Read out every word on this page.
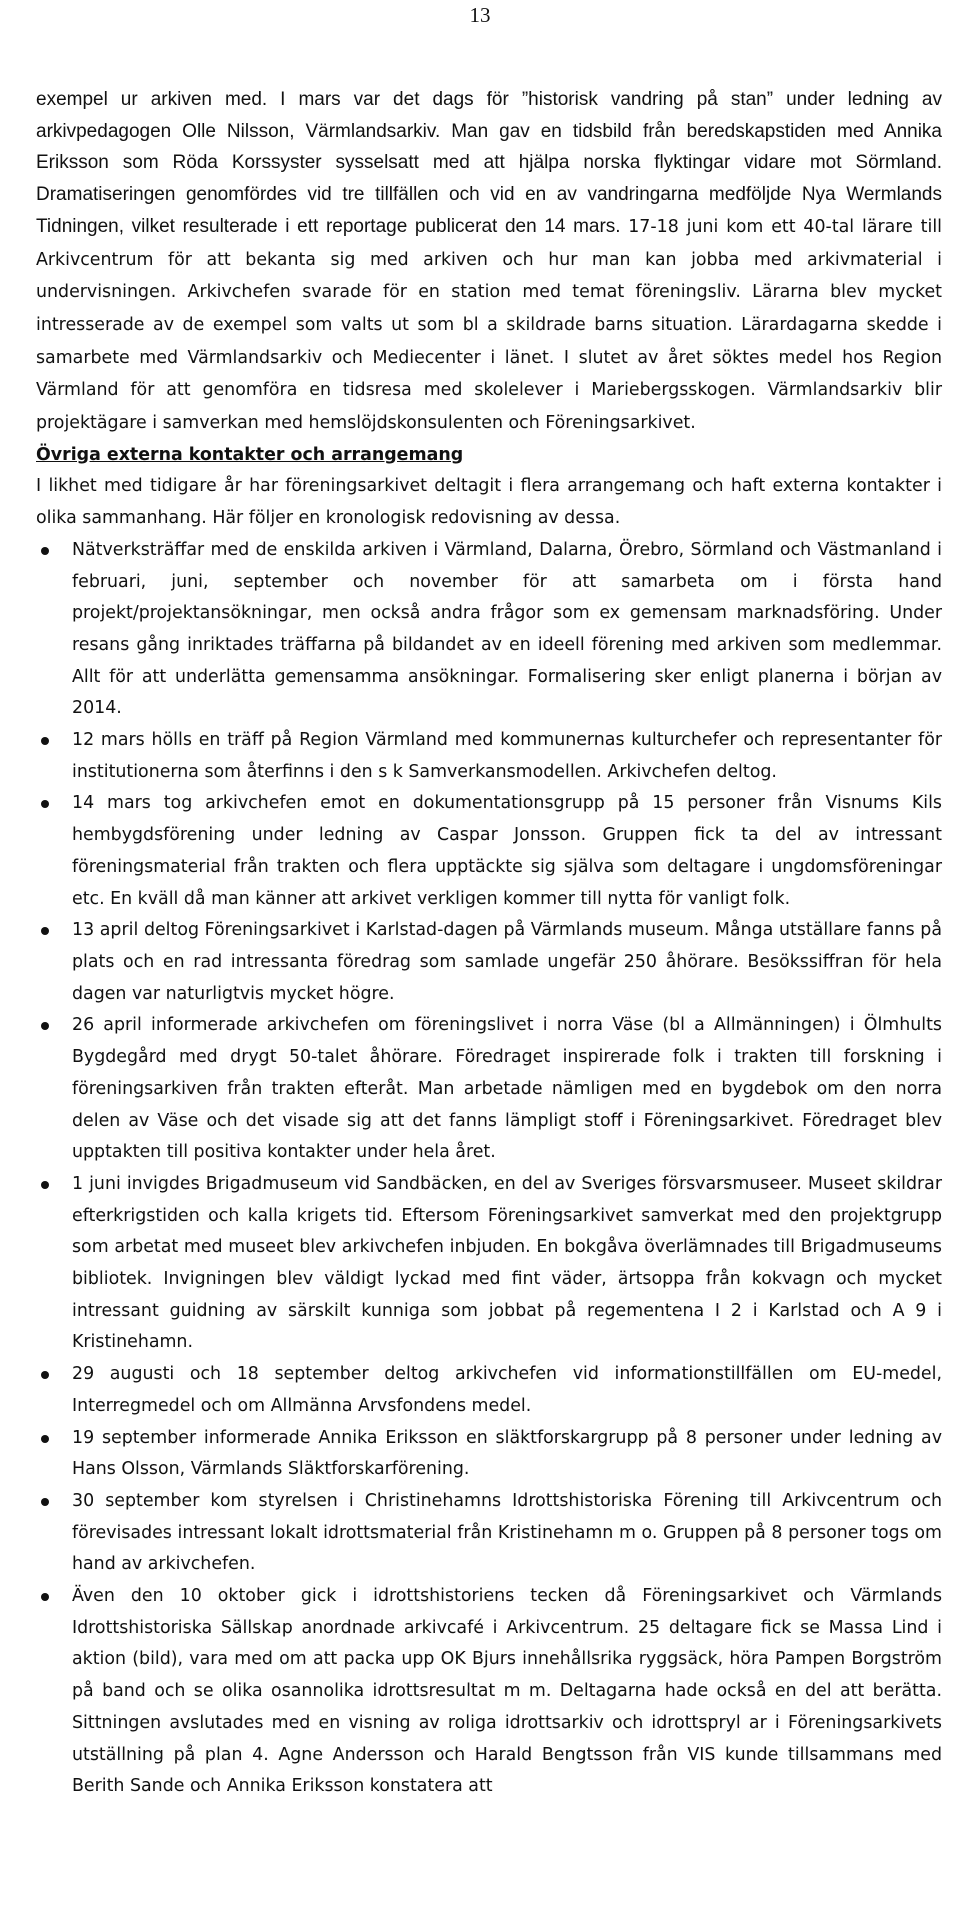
13

exempel ur arkiven med. I mars var det dags för ”historisk vandring på stan” under ledning av arkivpedagogen Olle Nilsson, Värmlandsarkiv. Man gav en tidsbild från beredskapstiden med Annika Eriksson som Röda Korssyster sysselsatt med att hjälpa norska flyktingar vidare mot Sörmland. Dramatiseringen genomfördes vid tre tillfällen och vid en av vandringarna medföljde Nya Wermlands Tidningen, vilket resulterade i ett reportage publicerat den 14 mars. 17-18 juni kom ett 40-tal lärare till Arkivcentrum för att bekanta sig med arkiven och hur man kan jobba med arkivmaterial i undervisningen. Arkivchefen svarade för en station med temat föreningsliv. Lärarna blev mycket intresserade av de exempel som valts ut som bl a skildrade barns situation. Lärardagarna skedde i samarbete med Värmlandsarkiv och Mediecenter i länet. I slutet av året söktes medel hos Region Värmland för att genomföra en tidsresa med skolelever i Mariebergsskogen. Värmlandsarkiv blir projektägare i samverkan med hemslöjdskonsulenten och Föreningsarkivet.

Övriga externa kontakter och arrangemang

I likhet med tidigare år har föreningsarkivet deltagit i flera arrangemang och haft externa kontakter i olika sammanhang. Här följer en kronologisk redovisning av dessa.

Nätverksträffar med de enskilda arkiven i Värmland, Dalarna, Örebro, Sörmland och Västmanland i februari, juni, september och november för att samarbeta om i första hand projekt/projektansökningar, men också andra frågor som ex gemensam marknadsföring. Under resans gång inriktades träffarna på bildandet av en ideell förening med arkiven som medlemmar. Allt för att underlätta gemensamma ansökningar. Formalisering sker enligt planerna i början av 2014.
12 mars hölls en träff på Region Värmland med kommunernas kulturchefer och representanter för institutionerna som återfinns i den s k Samverkansmodellen. Arkivchefen deltog.
14 mars tog arkivchefen emot en dokumentationsgrupp på 15 personer från Visnums Kils hembygdsförening under ledning av Caspar Jonsson. Gruppen fick ta del av intressant föreningsmaterial från trakten och flera upptäckte sig själva som deltagare i ungdomsföreningar etc. En kväll då man känner att arkivet verkligen kommer till nytta för vanligt folk.
13 april deltog Föreningsarkivet i Karlstad-dagen på Värmlands museum. Många utställare fanns på plats och en rad intressanta föredrag som samlade ungefär 250 åhörare. Besökssiffran för hela dagen var naturligtvis mycket högre.
26 april informerade arkivchefen om föreningslivet i norra Väse (bl a Allmänningen) i Ölmhults Bygdegård med drygt 50-talet åhörare. Föredraget inspirerade folk i trakten till forskning i föreningsarkiven från trakten efteråt. Man arbetade nämligen med en bygdebok om den norra delen av Väse och det visade sig att det fanns lämpligt stoff i Föreningsarkivet. Föredraget blev upptakten till positiva kontakter under hela året.
1 juni invigdes Brigadmuseum vid Sandbäcken, en del av Sveriges försvarsmuseer. Museet skildrar efterkrigstiden och kalla krigets tid. Eftersom Föreningsarkivet samverkat med den projektgrupp som arbetat med museet blev arkivchefen inbjuden. En bokgåva överlämnades till Brigadmuseums bibliotek. Invigningen blev väldigt lyckad med fint väder, ärtsoppa från kokvagn och mycket intressant guidning av särskilt kunniga som jobbat på regementena I 2 i Karlstad och A 9 i Kristinehamn.
29 augusti och 18 september deltog arkivchefen vid informationstillfällen om EU-medel, Interregmedel och om Allmänna Arvsfondens medel.
19 september informerade Annika Eriksson en släktforskargrupp på 8 personer under ledning av Hans Olsson, Värmlands Släktforskarförening.
30 september kom styrelsen i Christinehamns Idrottshistoriska Förening till Arkivcentrum och förevisades intressant lokalt idrottsmaterial från Kristinehamn m o. Gruppen på 8 personer togs om hand av arkivchefen.
Även den 10 oktober gick i idrottshistoriens tecken då Föreningsarkivet och Värmlands Idrottshistoriska Sällskap anordnade arkivcafé i Arkivcentrum. 25 deltagare fick se Massa Lind i aktion (bild), vara med om att packa upp OK Bjurs innehållsrika ryggsäck, höra Pampen Borgström på band och se olika osannolika idrottsresultat m m. Deltagarna hade också en del att berätta. Sittningen avslutades med en visning av roliga idrottsarkiv och idrottspryl ar i Föreningsarkivets utställning på plan 4. Agne Andersson och Harald Bengtsson från VIS kunde tillsammans med Berith Sande och Annika Eriksson konstatera att
